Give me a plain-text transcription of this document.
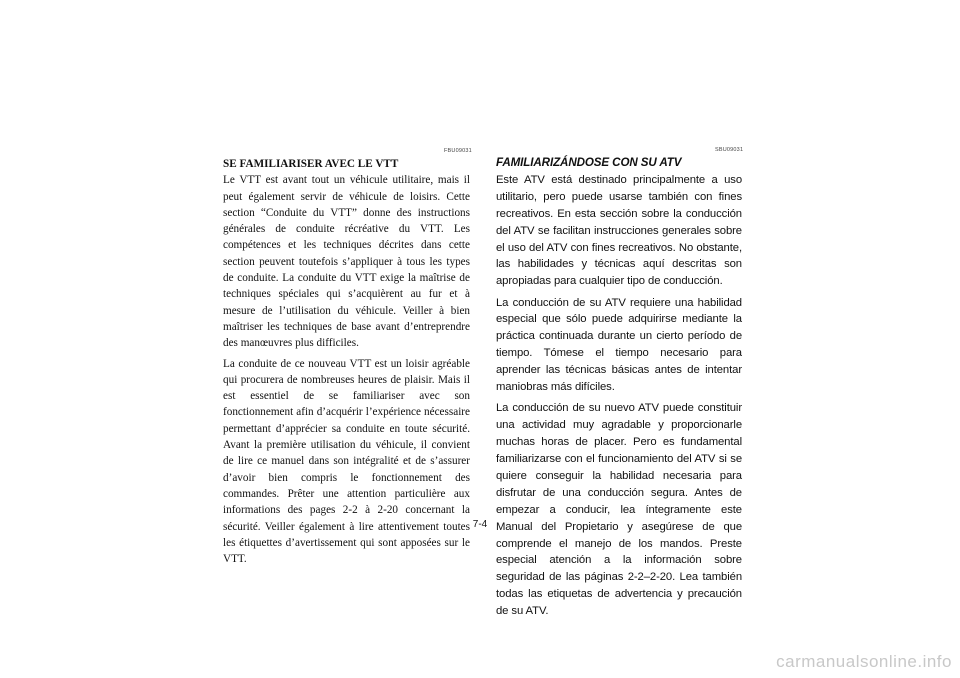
FBU09031	SBU09031
SE FAMILIARISER AVEC LE VTT

Le VTT est avant tout un véhicule utilitaire, mais il peut également servir de véhicule de loisirs. Cette section “Conduite du VTT” donne des instructions générales de conduite récréative du VTT. Les compétences et les techniques décrites dans cette section peuvent toutefois s’appliquer à tous les types de conduite. La conduite du VTT exige la maîtrise de techniques spéciales qui s’acquièrent au fur et à mesure de l’utilisation du véhicule. Veiller à bien maîtriser les techniques de base avant d’entreprendre des manœuvres plus difficiles.

La conduite de ce nouveau VTT est un loisir agréable qui procurera de nombreuses heures de plaisir. Mais il est essentiel de se familiariser avec son fonctionnement afin d’acquérir l’expérience nécessaire permettant d’apprécier sa conduite en toute sécurité. Avant la première utilisation du véhicule, il convient de lire ce manuel dans son intégralité et de s’assurer d’avoir bien compris le fonctionnement des commandes. Prêter une attention particulière aux informations des pages 2-2 à 2-20 concernant la sécurité. Veiller également à lire attentivement toutes les étiquettes d’avertissement qui sont apposées sur le VTT.

FAMILIARIZÁNDOSE CON SU ATV

Este ATV está destinado principalmente a uso utilitario, pero puede usarse también con fines recreativos. En esta sección sobre la conducción del ATV se facilitan instrucciones generales sobre el uso del ATV con fines recreativos. No obstante, las habilidades y técnicas aquí descritas son apropiadas para cualquier tipo de conducción.

La conducción de su ATV requiere una habilidad especial que sólo puede adquirirse mediante la práctica continuada durante un cierto período de tiempo. Tómese el tiempo necesario para aprender las técnicas básicas antes de intentar maniobras más difíciles.

La conducción de su nuevo ATV puede constituir una actividad muy agradable y proporcionarle muchas horas de placer. Pero es fundamental familiarizarse con el funcionamiento del ATV si se quiere conseguir la habilidad necesaria para disfrutar de una conducción segura. Antes de empezar a conducir, lea íntegramente este Manual del Propietario y asegúrese de que comprende el manejo de los mandos. Preste especial atención a la información sobre seguridad de las páginas 2-2–2-20. Lea también todas las etiquetas de advertencia y precaución de su ATV.

7-4
carmanualsonline.info
